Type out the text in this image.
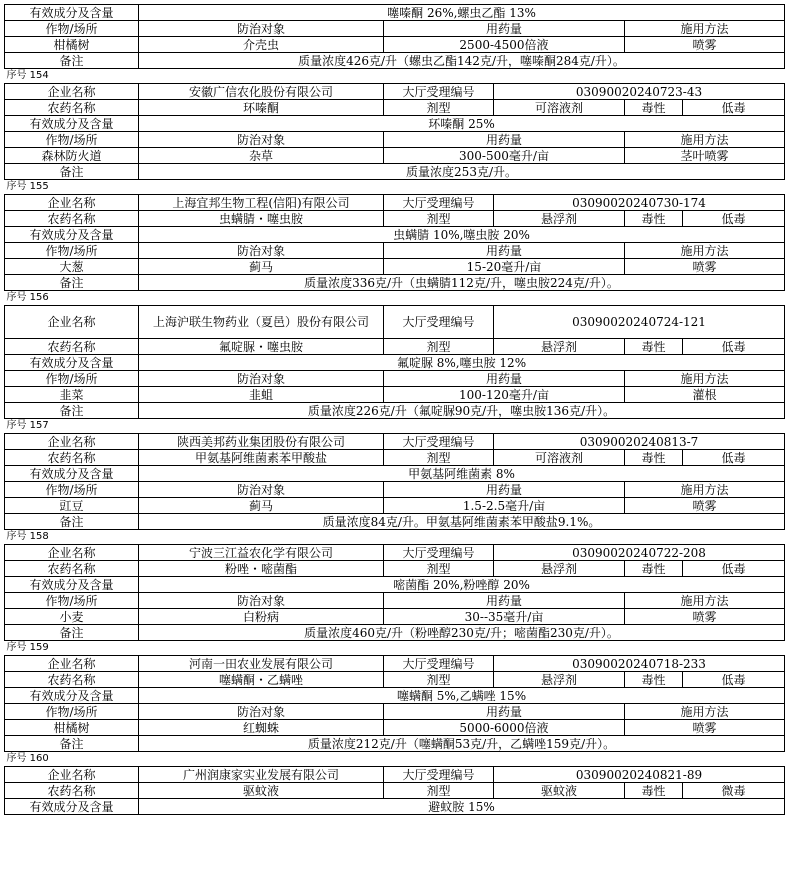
有效成分及含量	噻嗪酮 26%,螺虫乙酯 13%				
作物/场所	防治对象	用药量		施用方法	
柑橘树	介壳虫	2500-4500倍液		喷雾	
备注	质量浓度426克/升（螺虫乙酯142克/升，噻嗪酮284克/升）。				
序号 154					
企业名称	安徽广信农化股份有限公司	大厅受理编号	03090020240723-43		
农药名称	环嗪酮	剂型	可溶液剂	毒性	低毒
有效成分及含量	环嗪酮 25%				
作物/场所	防治对象	用药量		施用方法	
森林防火道	杂草	300-500毫升/亩		茎叶喷雾	
备注	质量浓度253克/升。				
序号 155					
企业名称	上海宜邦生物工程(信阳)有限公司	大厅受理编号	03090020240730-174		
农药名称	虫螨腈・噻虫胺	剂型	悬浮剂	毒性	低毒
有效成分及含量	虫螨腈 10%,噻虫胺 20%				
作物/场所	防治对象	用药量		施用方法	
大葱	蓟马	15-20毫升/亩		喷雾	
备注	质量浓度336克/升（虫螨腈112克/升，噻虫胺224克/升）。				
序号 156					
企业名称	上海沪联生物药业（夏邑）股份有限公司	大厅受理编号	03090020240724-121		
农药名称	氟啶脲・噻虫胺	剂型	悬浮剂	毒性	低毒
有效成分及含量	氟啶脲 8%,噻虫胺 12%				
作物/场所	防治对象	用药量		施用方法	
韭菜	韭蛆	100-120毫升/亩		灌根	
备注	质量浓度226克/升（氟啶脲90克/升，噻虫胺136克/升）。				
序号 157					
企业名称	陕西美邦药业集团股份有限公司	大厅受理编号	03090020240813-7		
农药名称	甲氨基阿维菌素苯甲酸盐	剂型	可溶液剂	毒性	低毒
有效成分及含量	甲氨基阿维菌素 8%				
作物/场所	防治对象	用药量		施用方法	
豇豆	蓟马	1.5-2.5毫升/亩		喷雾	
备注	质量浓度84克/升。甲氨基阿维菌素苯甲酸盐9.1%。				
序号 158					
企业名称	宁波三江益农化学有限公司	大厅受理编号	03090020240722-208		
农药名称	粉唑・嘧菌酯	剂型	悬浮剂	毒性	低毒
有效成分及含量	嘧菌酯 20%,粉唑醇 20%				
作物/场所	防治对象	用药量		施用方法	
小麦	白粉病	30--35毫升/亩		喷雾	
备注	质量浓度460克/升（粉唑醇230克/升；嘧菌酯230克/升）。				
序号 159					
企业名称	河南一田农业发展有限公司	大厅受理编号	03090020240718-233		
农药名称	噻螨酮・乙螨唑	剂型	悬浮剂	毒性	低毒
有效成分及含量	噻螨酮 5%,乙螨唑 15%				
作物/场所	防治对象	用药量		施用方法	
柑橘树	红蜘蛛	5000-6000倍液		喷雾	
备注	质量浓度212克/升（噻螨酮53克/升，乙螨唑159克/升）。				
序号 160					
企业名称	广州润康家实业发展有限公司	大厅受理编号	03090020240821-89		
农药名称	驱蚊液	剂型	驱蚊液	毒性	微毒
有效成分及含量	避蚊胺 15%				
